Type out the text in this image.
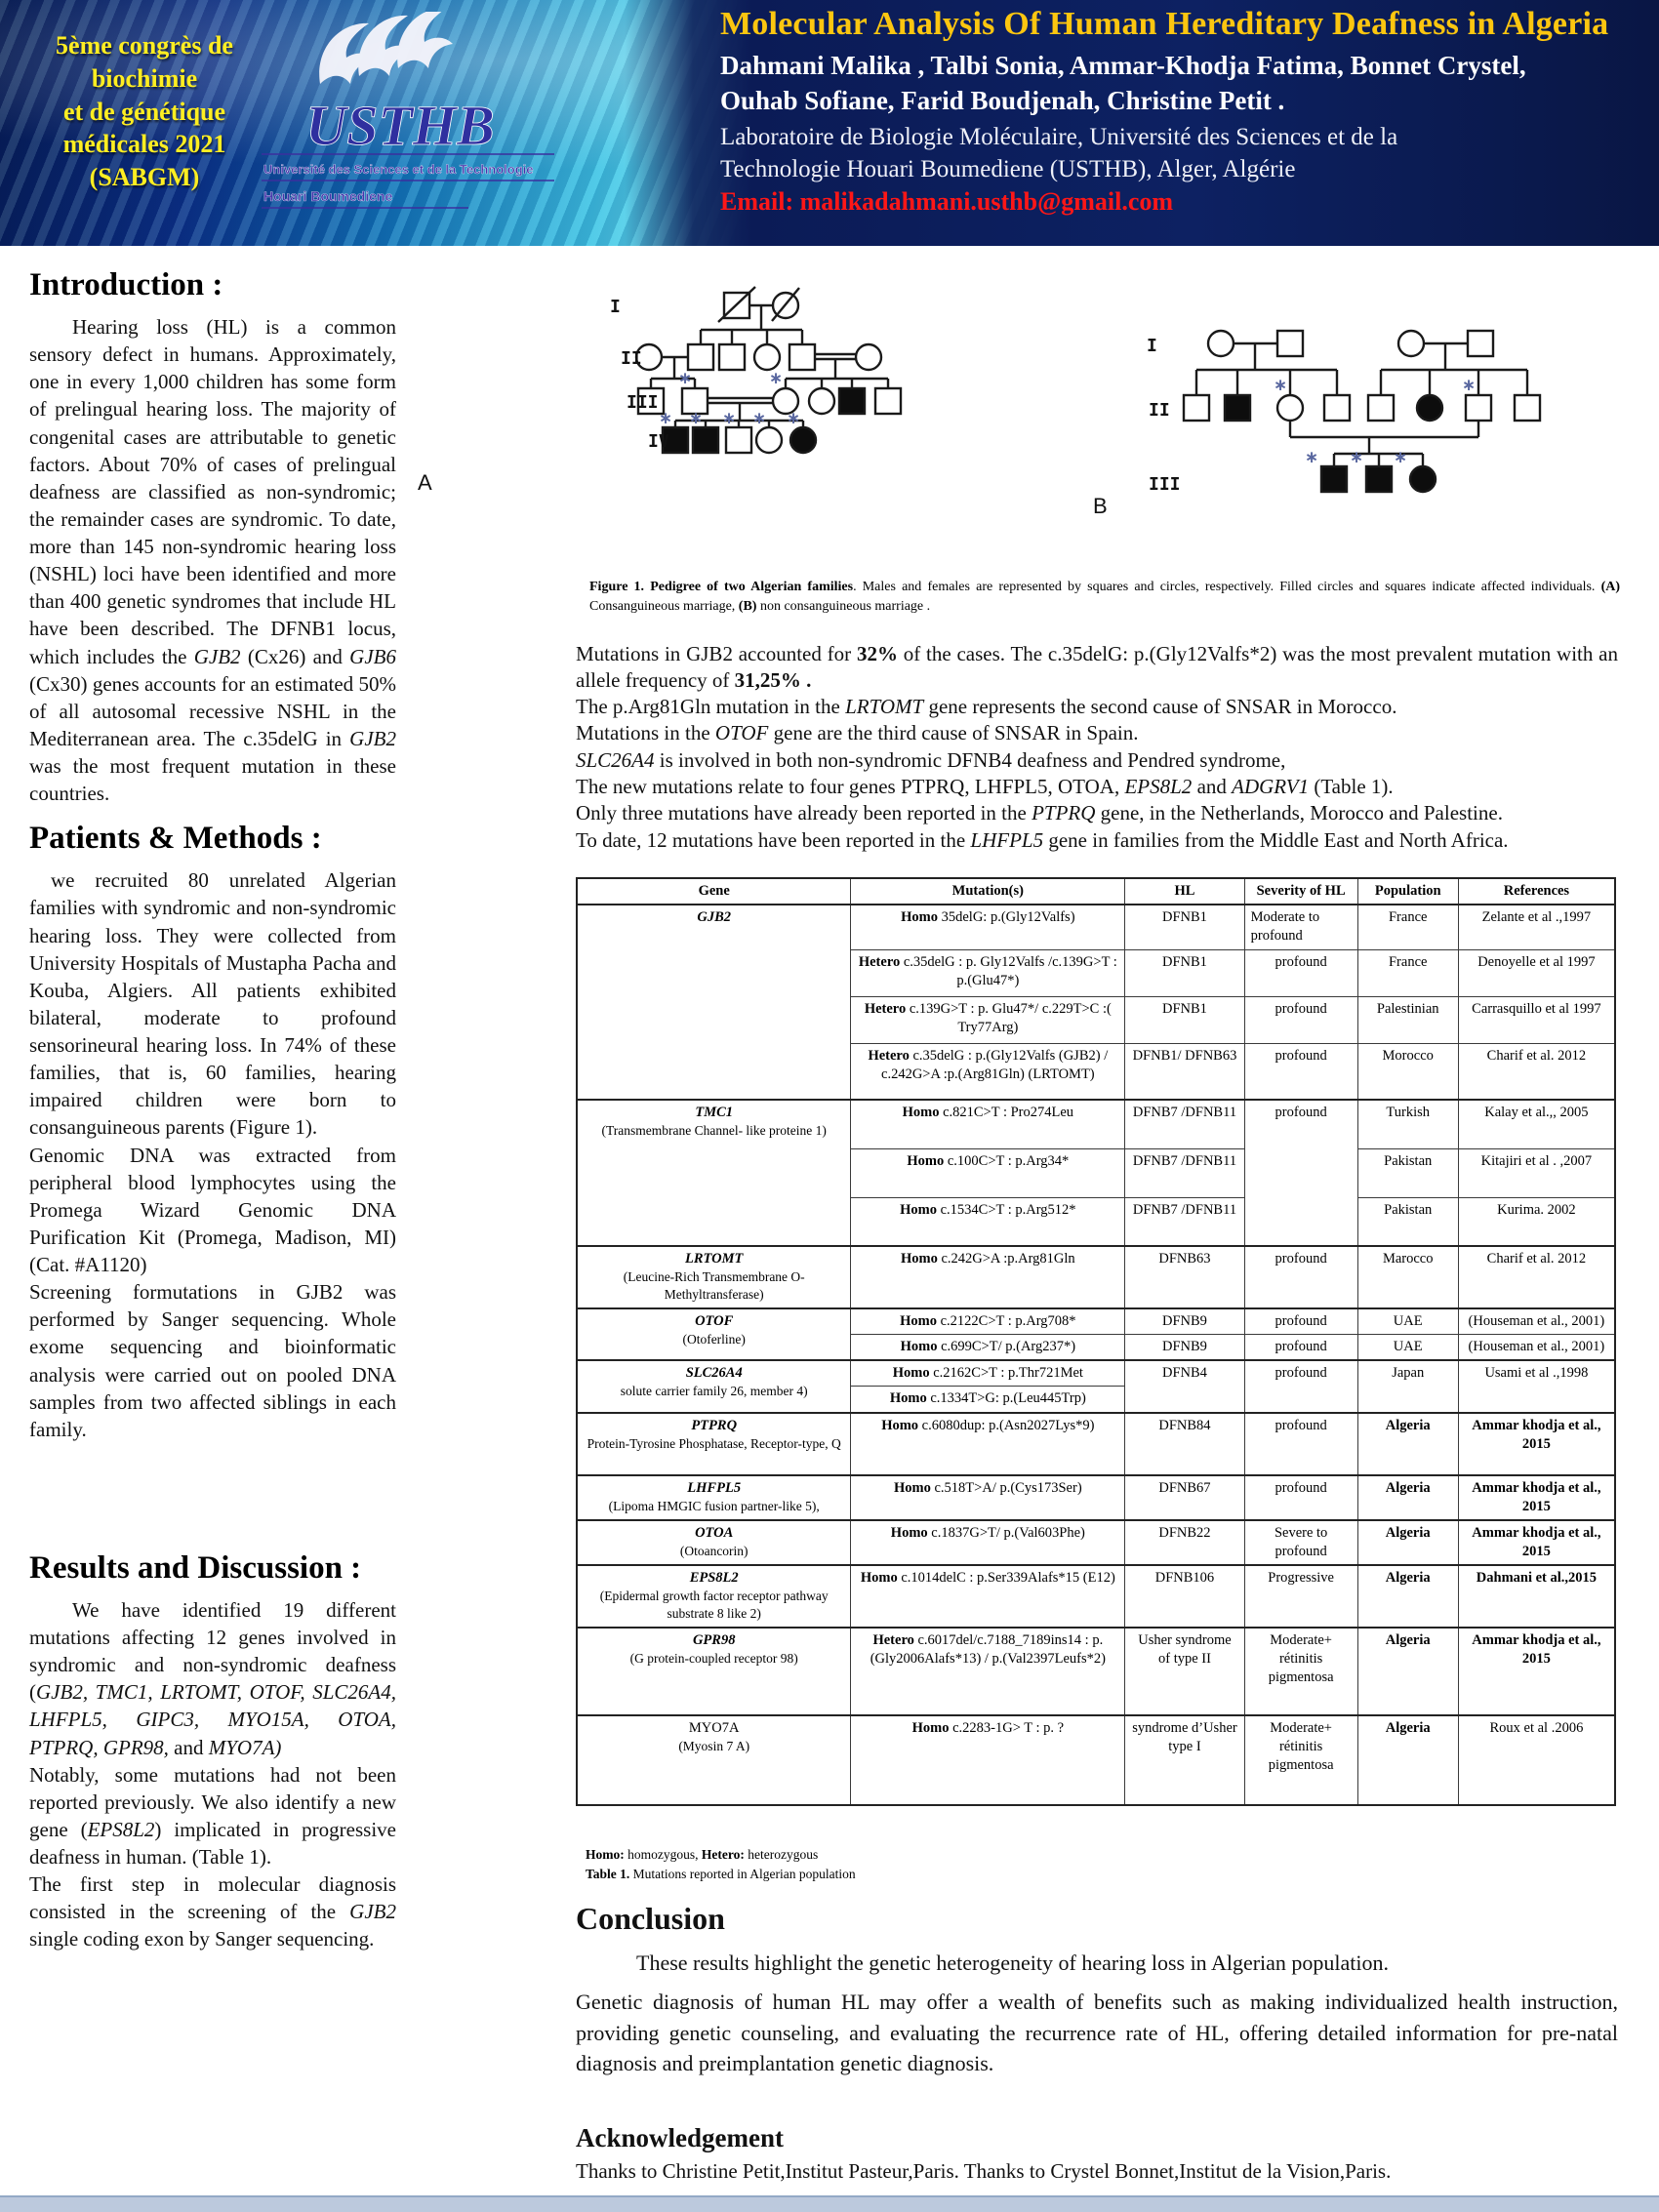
Molecular Analysis Of Human Hereditary Deafness in Algeria
Dahmani Malika , Talbi Sonia, Ammar-Khodja Fatima, Bonnet Crystel,
Ouhab Sofiane, Farid Boudjenah, Christine Petit .
Laboratoire de Biologie Moléculaire, Université des Sciences et de la
Technologie Houari Boumediene (USTHB), Alger, Algérie
Email: malikadahmani.usthb@gmail.com
5ème congrès de
biochimie
et de génétique
médicales 2021 (SABGM)
USTHB
Université des Sciences et de la Technologie
Houari Boumediene
Introduction :

Hearing loss (HL) is a common sensory defect in humans. Approximately, one in every 1,000 children has some form of prelingual hearing loss. The majority of congenital cases are attributable to genetic factors. About 70% of cases of prelingual deafness are classified as non-syndromic; the remainder cases are syndromic. To date, more than 145 non-syndromic hearing loss (NSHL) loci have been identified and more than 400 genetic syndromes that include HL have been described. The DFNB1 locus, which includes the GJB2 (Cx26) and GJB6 (Cx30) genes accounts for an estimated 50% of all autosomal recessive NSHL in the Mediterranean area. The c.35delG in GJB2 was the most frequent mutation in these countries.

Patients & Methods :

we recruited 80 unrelated Algerian families with syndromic and non-syndromic hearing loss. They were collected from University Hospitals of Mustapha Pacha and Kouba, Algiers. All patients exhibited bilateral, moderate to profound sensorineural hearing loss. In 74% of these families, that is, 60 families, hearing impaired children were born to consanguineous parents (Figure 1).

Genomic DNA was extracted from peripheral blood lymphocytes using the Promega Wizard Genomic DNA Purification Kit (Promega, Madison, MI) (Cat. #A1120)

Screening formutations in GJB2 was performed by Sanger sequencing. Whole exome sequencing and bioinformatic analysis were carried out on pooled DNA samples from two affected siblings in each family.

Results and Discussion :

We have identified 19 different mutations affecting 12 genes involved in syndromic and non-syndromic deafness (GJB2, TMC1, LRTOMT, OTOF, SLC26A4, LHFPL5, GIPC3, MYO15A, OTOA, PTPRQ, GPR98, and MYO7A)

Notably, some mutations had not been reported previously. We also identify a new gene (EPS8L2) implicated in progressive deafness in human. (Table 1).

The first step in molecular diagnosis consisted in the screening of the GJB2 single coding exon by Sanger sequencing.

∗	∗
∗ ∗ ∗ ∗ ∗
I
II
III
IV
A
∗	∗
∗ ∗ ∗
I
II
III
B
Figure 1. Pedigree of two Algerian families. Males and females are represented by squares and circles, respectively. Filled circles and squares indicate affected individuals. (A) Consanguineous marriage, (B) non consanguineous marriage .

Mutations in GJB2 accounted for 32% of the cases. The c.35delG: p.(Gly12Valfs*2) was the most prevalent mutation with an allele frequency of 31,25% .

The p.Arg81Gln mutation in the LRTOMT gene represents the second cause of SNSAR in Morocco.

Mutations in the OTOF gene are the third cause of SNSAR in Spain.

SLC26A4 is involved in both non-syndromic DFNB4 deafness and Pendred syndrome,

The new mutations relate to four genes PTPRQ, LHFPL5, OTOA, EPS8L2 and ADGRV1 (Table 1).

Only three mutations have already been reported in the PTPRQ gene, in the Netherlands, Morocco and Palestine.

To date, 12 mutations have been reported in the LHFPL5 gene in families from the Middle East and North Africa.

Gene	Mutation(s)	HL	Severity of HL	Population	References

GJB2	Homo 35delG: p.(Gly12Valfs)	DFNB1	Moderate to profound	France	Zelante et al .,1997
	Hetero c.35delG : p. Gly12Valfs /c.139G>T : p.(Glu47*)	DFNB1	profound	France	Denoyelle et al 1997
	Hetero c.139G>T : p. Glu47*/ c.229T>C :( Try77Arg)	DFNB1	profound	Palestinian	Carrasquillo et al 1997
	Hetero c.35delG : p.(Gly12Valfs (GJB2) / c.242G>A :p.(Arg81Gln) (LRTOMT)	DFNB1/ DFNB63	profound	Morocco	Charif et al. 2012

TMC1
(Transmembrane Channel- like proteine 1)	Homo c.821C>T : Pro274Leu	DFNB7 /DFNB11	profound	Turkish	Kalay et al.,, 2005
	Homo c.100C>T : p.Arg34*	DFNB7 /DFNB11		Pakistan	Kitajiri et al . ,2007
	Homo c.1534C>T : p.Arg512*	DFNB7 /DFNB11		Pakistan	Kurima. 2002

LRTOMT
(Leucine-Rich Transmembrane O- Methyltransferase)	Homo c.242G>A :p.Arg81Gln	DFNB63	profound	Marocco	Charif et al. 2012

OTOF
(Otoferline)	Homo c.2122C>T : p.Arg708*	DFNB9	profound	UAE	(Houseman et al., 2001)
	Homo c.699C>T/ p.(Arg237*)	DFNB9	profound	UAE	(Houseman et al., 2001)

SLC26A4
solute carrier family 26, member 4)	Homo c.2162C>T : p.Thr721Met	DFNB4	profound	Japan	Usami et al .,1998
	Homo c.1334T>G: p.(Leu445Trp)				

PTPRQ
Protein-Tyrosine Phosphatase, Receptor-type, Q	Homo c.6080dup: p.(Asn2027Lys*9)	DFNB84	profound	Algeria	Ammar khodja et al., 2015

LHFPL5
(Lipoma HMGIC fusion partner-like 5),	Homo c.518T>A/ p.(Cys173Ser)	DFNB67	profound	Algeria	Ammar khodja et al., 2015

OTOA
(Otoancorin)	Homo c.1837G>T/ p.(Val603Phe)	DFNB22	Severe to profound	Algeria	Ammar khodja et al., 2015

EPS8L2
(Epidermal growth factor receptor pathway substrate 8 like 2)	Homo c.1014delC : p.Ser339Alafs*15 (E12)	DFNB106	Progressive	Algeria	Dahmani et al.,2015

GPR98
(G protein-coupled receptor 98)	Hetero c.6017del/c.7188_7189ins14 : p.(Gly2006Alafs*13) / p.(Val2397Leufs*2)	Usher syndrome of type II	Moderate+ rétinitis pigmentosa	Algeria	Ammar khodja et al., 2015

MYO7A
(Myosin 7 A)	Homo c.2283-1G> T : p. ?	syndrome d’Usher type I	Moderate+ rétinitis pigmentosa	Algeria	Roux et al .2006
Homo: homozygous, Hetero: heterozygous
Table 1. Mutations reported in Algerian population
Conclusion

These results highlight the genetic heterogeneity of hearing loss in Algerian population.

Genetic diagnosis of human HL may offer a wealth of benefits such as making individualized health instruction, providing genetic counseling, and evaluating the recurrence rate of HL, offering detailed information for pre-natal diagnosis and preimplantation genetic diagnosis.

Acknowledgement

Thanks to Christine Petit,Institut Pasteur,Paris. Thanks to Crystel Bonnet,Institut de la Vision,Paris.
